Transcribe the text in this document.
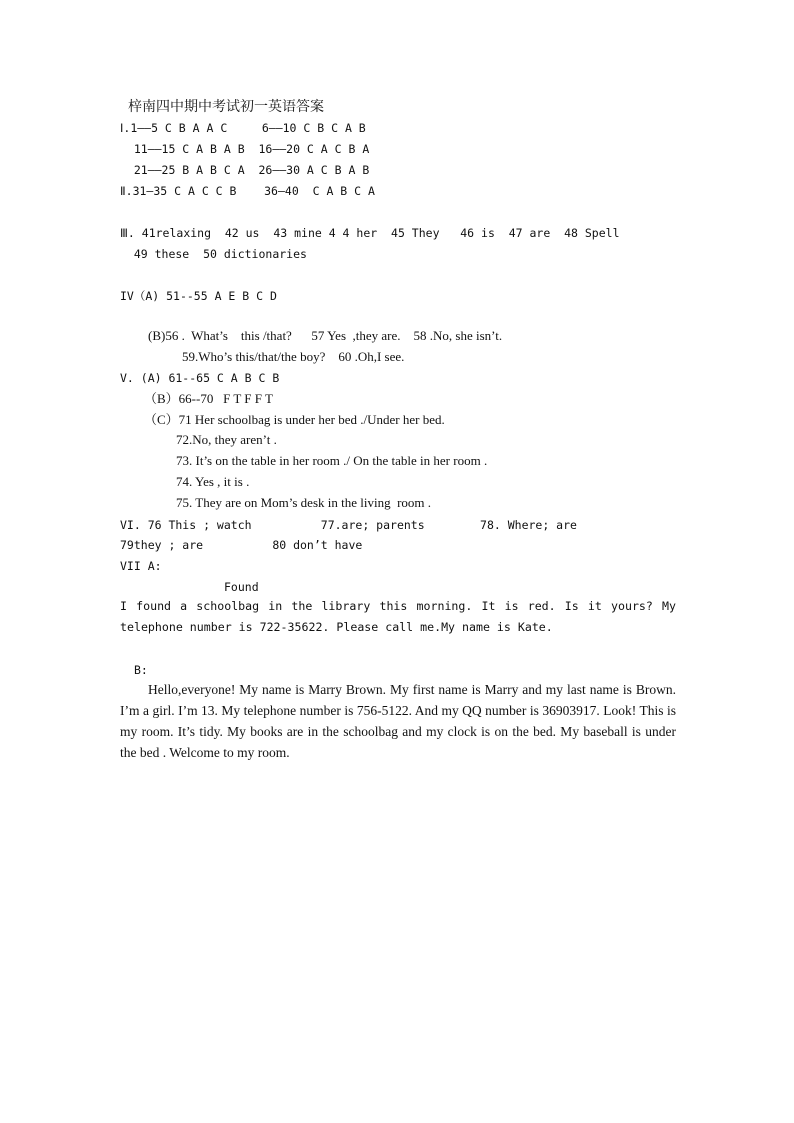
梓南四中期中考试初一英语答案
Ⅰ.1——5 C B A A C     6——10 C B C A B
11——15 C A B A B  16——20 C A C B A
21——25 B A B C A  26——30 A C B A B
Ⅱ.31—35 C A C C B    36—40  C A B C A
Ⅲ. 41relaxing  42 us  43 mine 4 4 her  45 They   46 is  47 are  48 Spell
49 these  50 dictionaries
IV（A) 51--55 A E B C D
(B)56 .  What’s    this /that?      57 Yes  ,they are.    58 .No, she isn’t.
59.Who’s this/that/the boy?    60 .Oh,I see.
V. (A) 61--65 C A B C B
（B）66--70   F T F F T
（C）71 Her schoolbag is under her bed ./Under her bed.
72.No, they aren’t .
73. It’s on the table in her room ./ On the table in her room .
74. Yes , it is .
75. They are on Mom’s desk in the living  room .
VI. 76 This ; watch          77.are; parents        78. Where; are
79they ; are          80 don’t have
VII A:
Found
I found a schoolbag in the library this morning. It is red. Is it yours? My telephone number is 722-35622. Please call me.My name is Kate.
B:
Hello,everyone! My name is Marry Brown. My first name is Marry and my last name is Brown. I’m a girl. I’m 13. My telephone number is 756-5122. And my QQ number is 36903917. Look! This is my room. It’s tidy. My books are in the schoolbag and my clock is on the bed. My baseball is under the bed . Welcome to my room.
